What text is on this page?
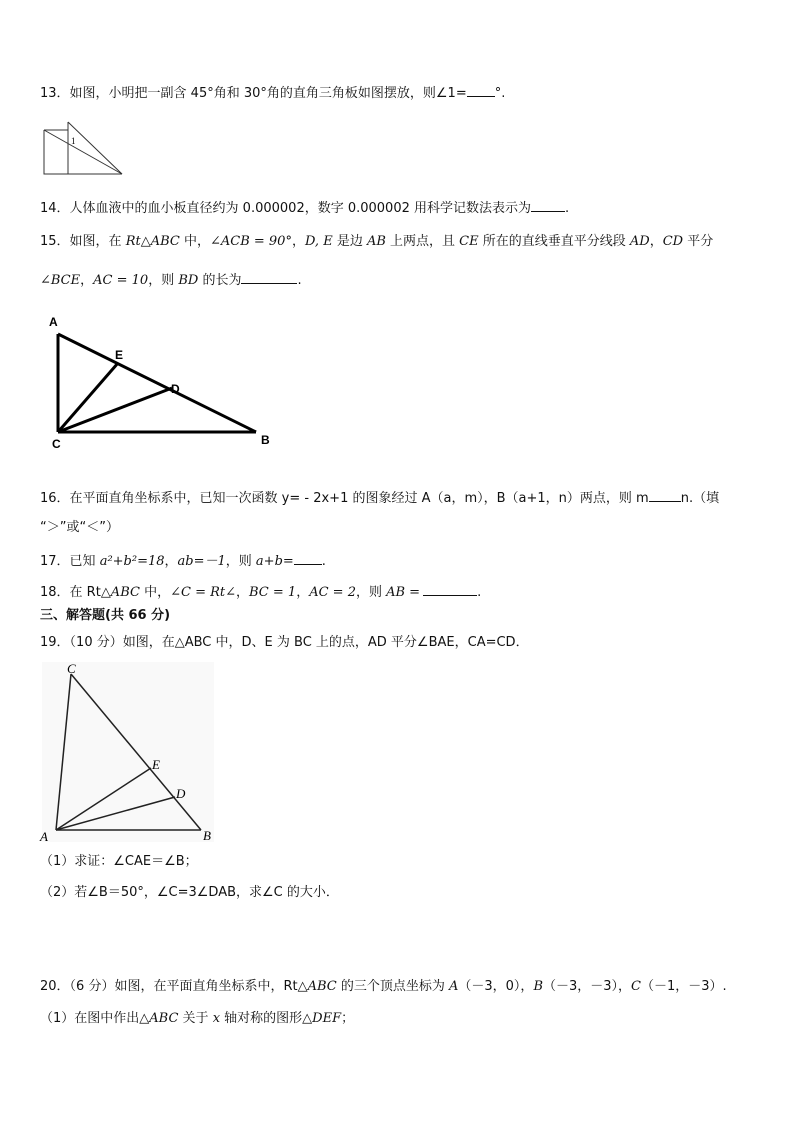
13．如图，小明把一副含 45°角和 30°角的直角三角板如图摆放，则∠1= °.
1
14．人体血液中的血小板直径约为 0.000002，数字 0.000002 用科学记数法表示为	.
15．如图，在 Rt△ABC 中，∠ACB = 90°，D, E 是边 AB 上两点，且 CE 所在的直线垂直平分线段 AD，CD 平分
∠BCE，AC = 10，则 BD 的长为	.
A
E
D
C	B
16．在平面直角坐标系中，已知一次函数 y= - 2x+1 的图象经过 A（a，m），B（a+1，n）两点，则 m n.（填
“＞”或“＜”）
17．已知 a²+b²=18，ab=－1，则 a+b= .
18．在 Rt△ABC 中，∠C = Rt∠，BC = 1，AC = 2，则 AB =	.
三、解答题(共 66 分)
19．（10 分）如图，在△ABC 中，D、E 为 BC 上的点，AD 平分∠BAE，CA=CD．
C
E
D
A	B
（1）求证：∠CAE＝∠B；
（2）若∠B＝50°，∠C=3∠DAB，求∠C 的大小．
20．（6 分）如图，在平面直角坐标系中，Rt△ABC 的三个顶点坐标为 A（－3，0），B（－3，－3），C（－1，－3）.
（1）在图中作出△ABC 关于 x 轴对称的图形△DEF；
